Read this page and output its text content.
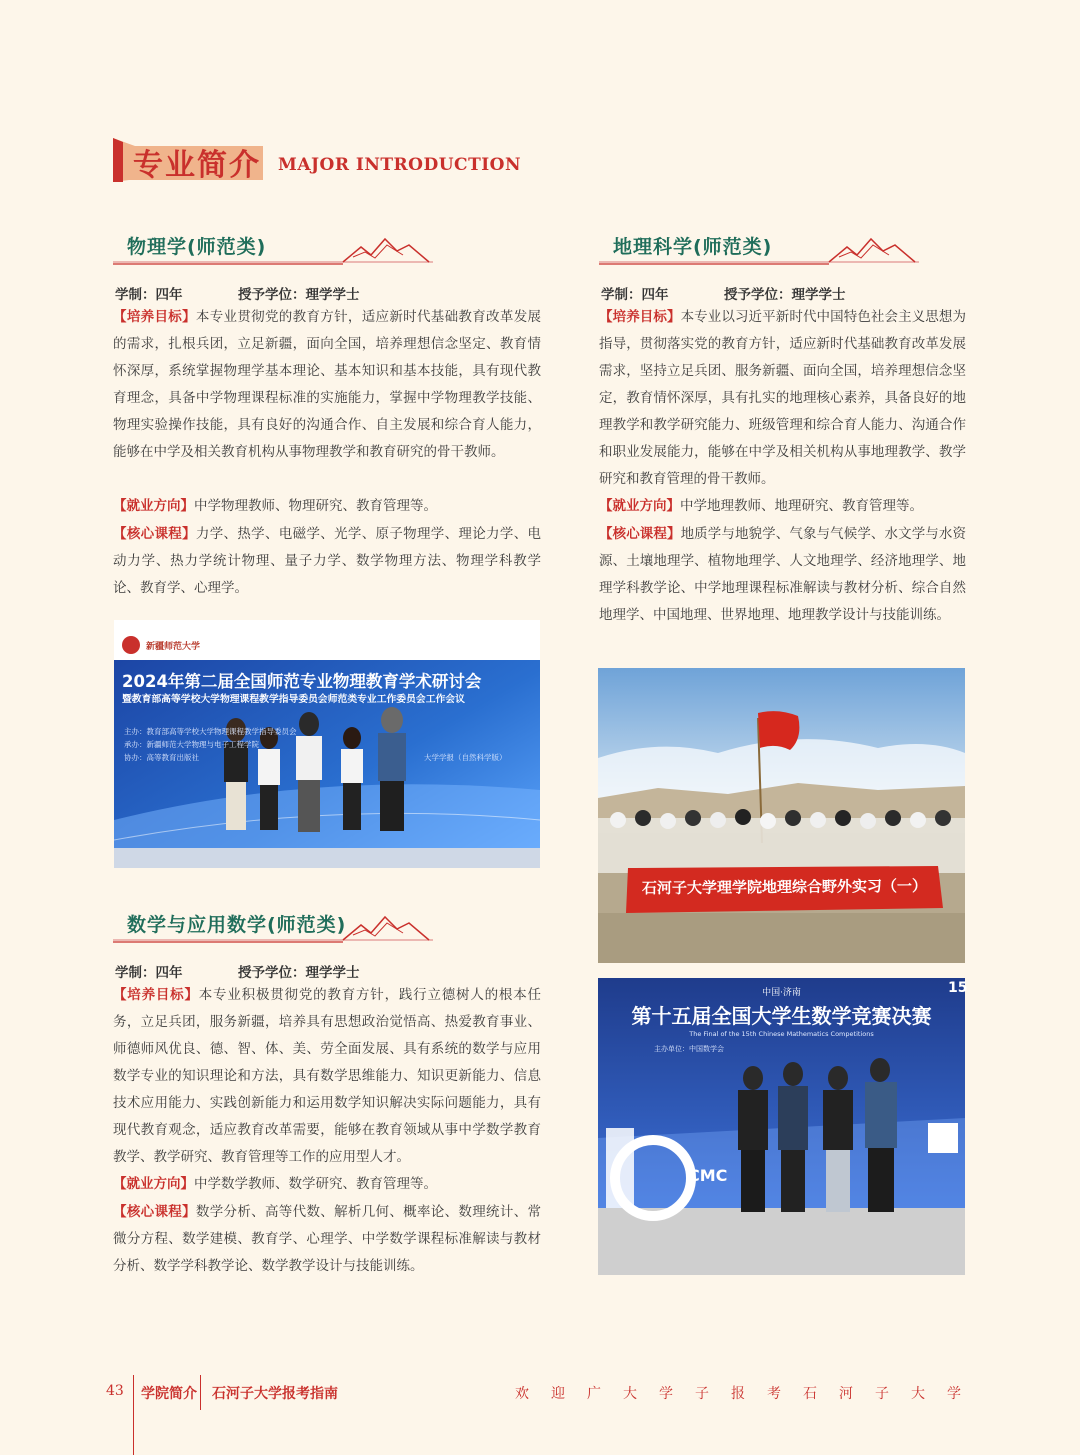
专业简介 MAJOR INTRODUCTION
物理学(师范类)
学制：四年	授予学位：理学学士
【培养目标】本专业贯彻党的教育方针，适应新时代基础教育改革发展的需求，扎根兵团，立足新疆，面向全国，培养理想信念坚定、教育情怀深厚，系统掌握物理学基本理论、基本知识和基本技能，具有现代教育理念，具备中学物理课程标准的实施能力，掌握中学物理教学技能、物理实验操作技能，具有良好的沟通合作、自主发展和综合育人能力，能够在中学及相关教育机构从事物理教学和教育研究的骨干教师。
【就业方向】中学物理教师、物理研究、教育管理等。
【核心课程】力学、热学、电磁学、光学、原子物理学、理论力学、电动力学、热力学统计物理、量子力学、数学物理方法、物理学科教学论、教育学、心理学。
新疆师范大学
2024年第二届全国师范专业物理教育学术研讨会
暨教育部高等学校大学物理课程教学指导委员会师范类专业工作委员会工作会议
主办：教育部高等学校大学物理课程教学指导委员会
承办：新疆师范大学物理与电子工程学院
协办：高等教育出版社	大学学报（自然科学版）
地理科学(师范类)
学制：四年	授予学位：理学学士
【培养目标】本专业以习近平新时代中国特色社会主义思想为指导，贯彻落实党的教育方针，适应新时代基础教育改革发展需求，坚持立足兵团、服务新疆、面向全国，培养理想信念坚定，教育情怀深厚，具有扎实的地理核心素养，具备良好的地理教学和教学研究能力、班级管理和综合育人能力、沟通合作和职业发展能力，能够在中学及相关机构从事地理教学、教学研究和教育管理的骨干教师。
【就业方向】中学地理教师、地理研究、教育管理等。
【核心课程】地质学与地貌学、气象与气候学、水文学与水资源、土壤地理学、植物地理学、人文地理学、经济地理学、地理学科教学论、中学地理课程标准解读与教材分析、综合自然地理学、中国地理、世界地理、地理教学设计与技能训练。
石河子大学理学院地理综合野外实习（一）
中国·济南
第十五届全国大学生数学竞赛决赛
The Final of the 15th Chinese Mathematics Competitions
主办单位：中国数学会
CMC
15
数学与应用数学(师范类)
学制：四年	授予学位：理学学士
【培养目标】本专业积极贯彻党的教育方针，践行立德树人的根本任务，立足兵团，服务新疆，培养具有思想政治觉悟高、热爱教育事业、师德师风优良、德、智、体、美、劳全面发展、具有系统的数学与应用数学专业的知识理论和方法，具有数学思维能力、知识更新能力、信息技术应用能力、实践创新能力和运用数学知识解决实际问题能力，具有现代教育观念，适应教育改革需要，能够在教育领域从事中学数学教育教学、教学研究、教育管理等工作的应用型人才。
【就业方向】中学数学教师、数学研究、教育管理等。
【核心课程】数学分析、高等代数、解析几何、概率论、数理统计、常微分方程、数学建模、教育学、心理学、中学数学课程标准解读与教材分析、数学学科教学论、数学教学设计与技能训练。
43 学院简介 石河子大学报考指南	欢迎广大学子报考石河子大学
